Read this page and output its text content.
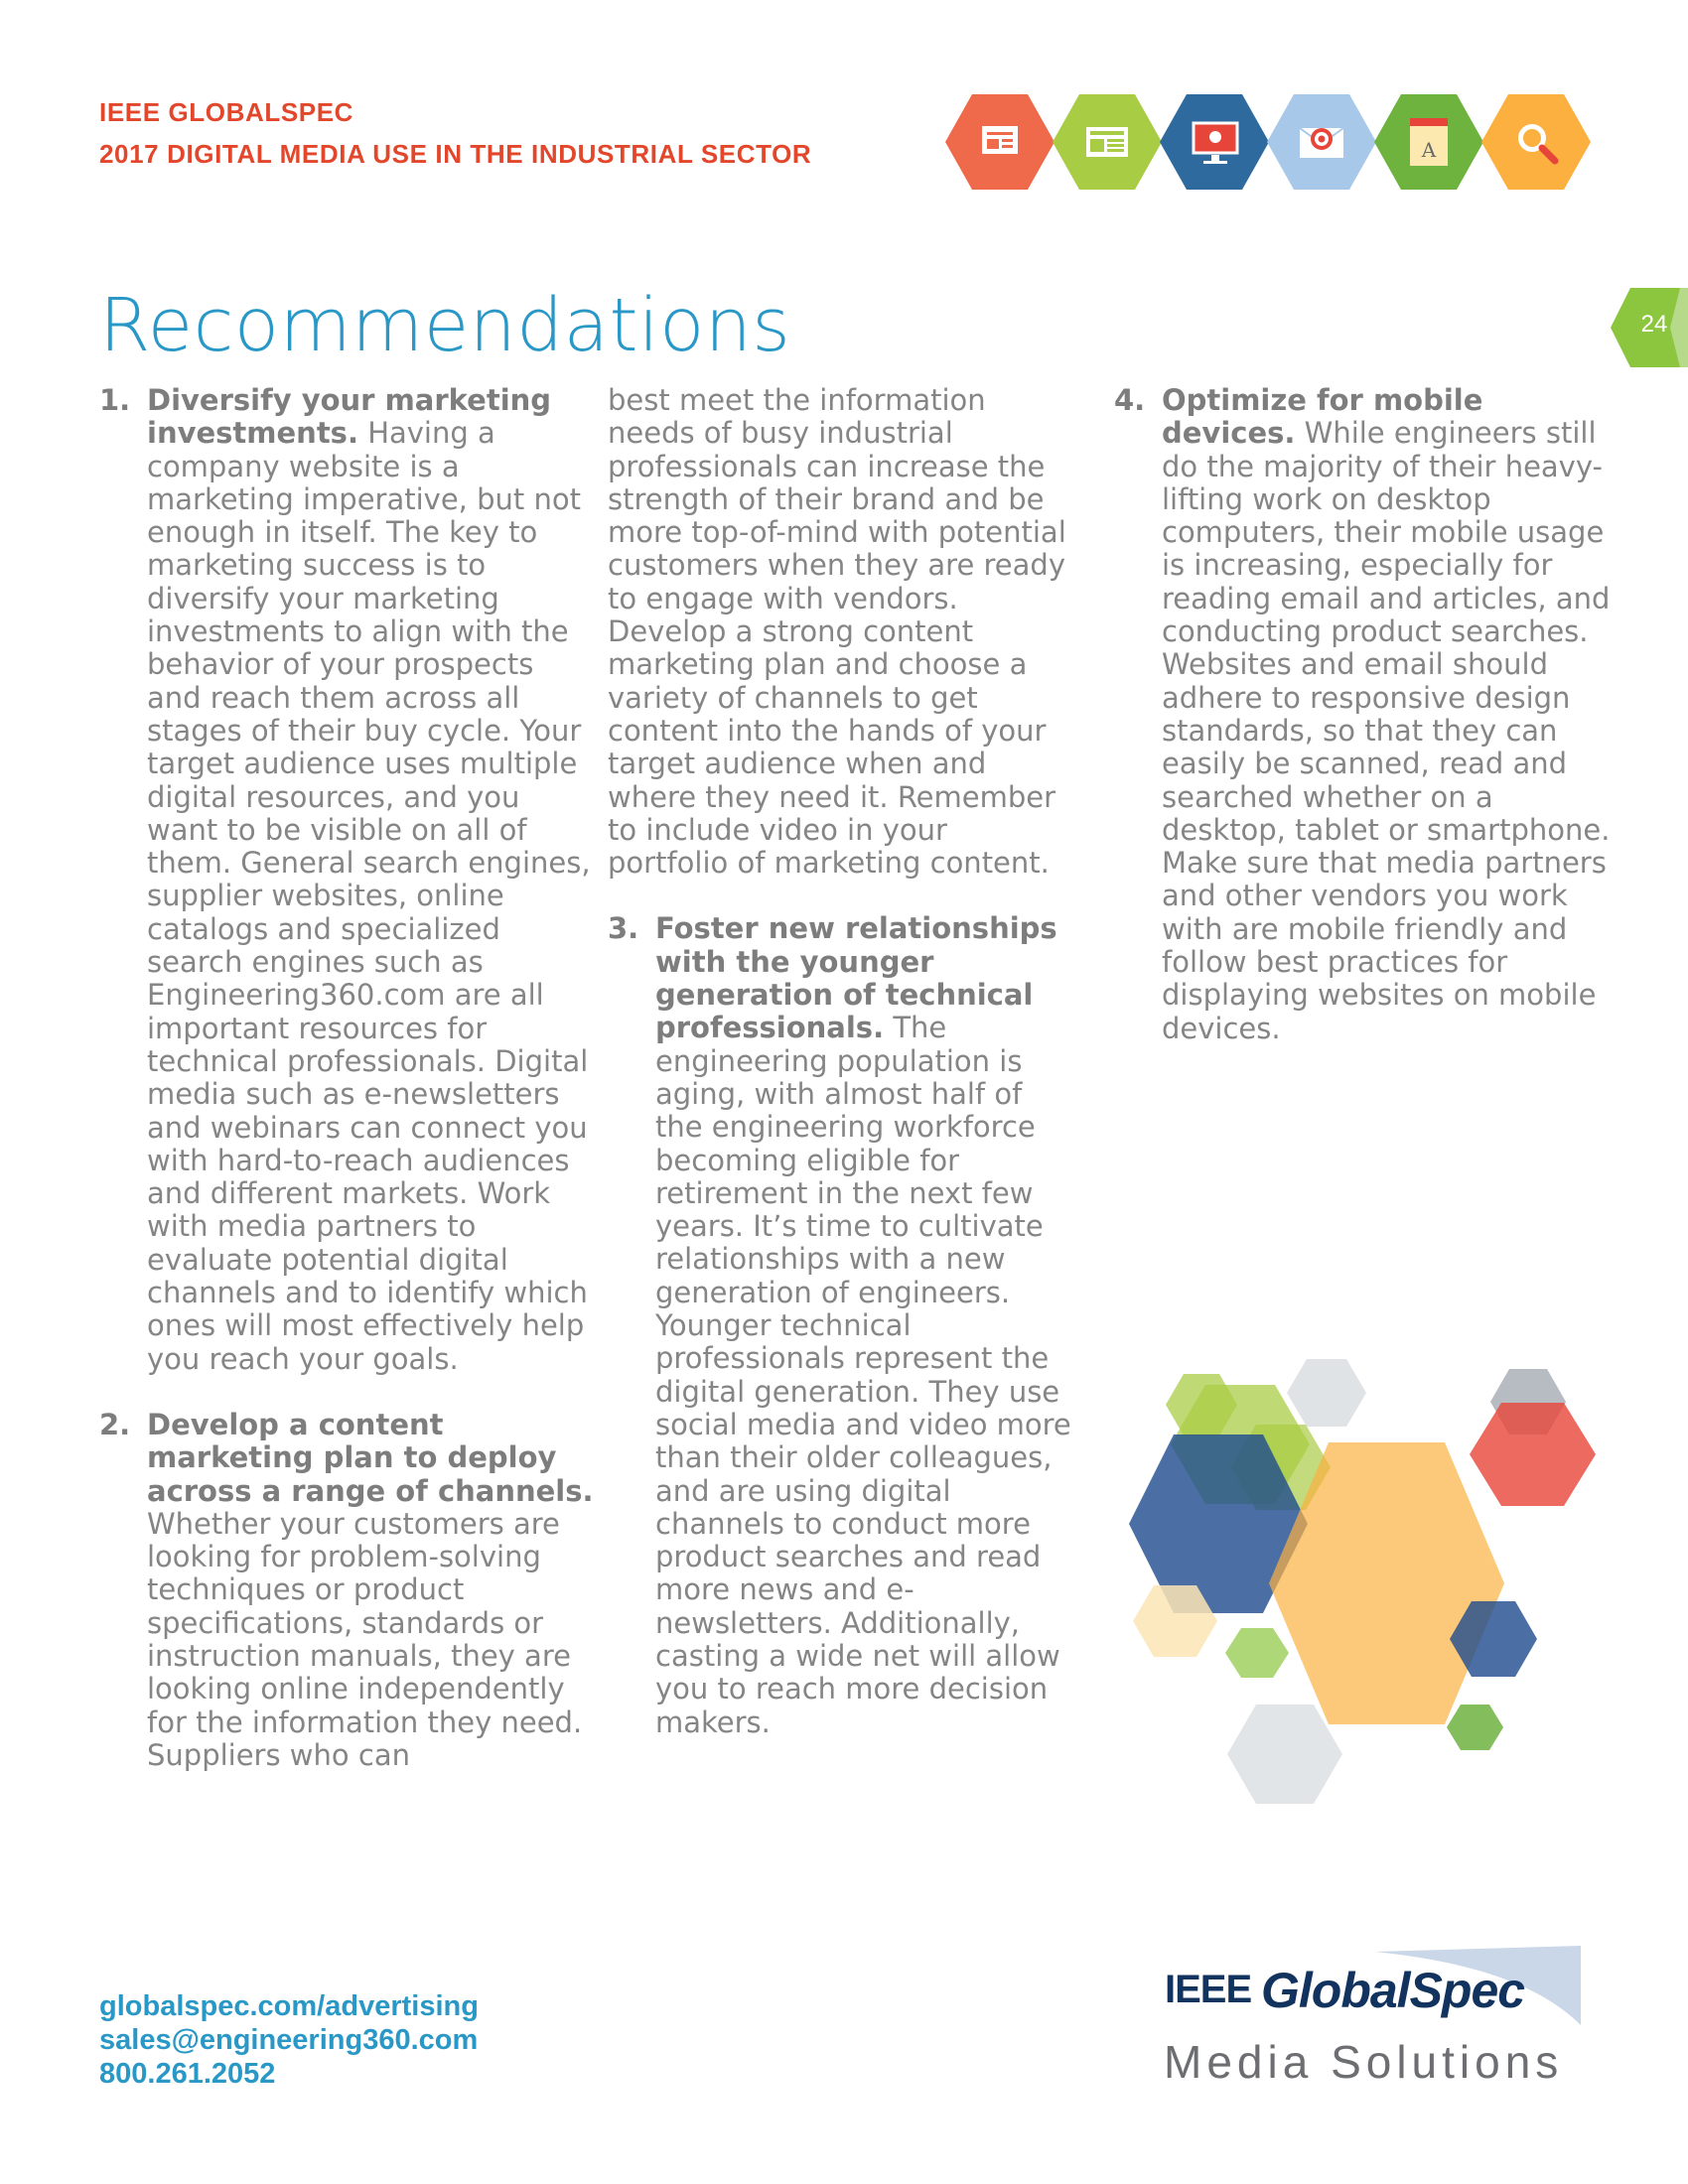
IEEE GLOBALSPEC
2017 DIGITAL MEDIA USE IN THE INDUSTRIAL SECTOR	A
24
Recommendations
1. Diversify your marketing investments. Having a company website is a marketing imperative, but not enough in itself. The key to marketing success is to diversify your marketing investments to align with the behavior of your prospects and reach them across all stages of their buy cycle. Your target audience uses multiple digital resources, and you want to be visible on all of them. General search engines, supplier websites, online catalogs and specialized search engines such as Engineering360.com are all important resources for technical professionals. Digital media such as e-newsletters and webinars can connect you with hard-to-reach audiences and different markets. Work with media partners to evaluate potential digital channels and to identify which ones will most effectively help you reach your goals.
2. Develop a content marketing plan to deploy across a range of channels. Whether your customers are looking for problem-solving techniques or product specifications, standards or instruction manuals, they are looking online independently for the information they need. Suppliers who can

best meet the information needs of busy industrial professionals can increase the strength of their brand and be more top-of-mind with potential customers when they are ready to engage with vendors. Develop a strong content marketing plan and choose a variety of channels to get content into the hands of your target audience when and where they need it. Remember to include video in your portfolio of marketing content.

3. Foster new relationships with the younger generation of technical professionals. The engineering population is aging, with almost half of the engineering workforce becoming eligible for retirement in the next few years. It’s time to cultivate relationships with a new generation of engineers. Younger technical professionals represent the digital generation. They use social media and video more than their older colleagues, and are using digital channels to conduct more product searches and read more news and e-newsletters. Additionally, casting a wide net will allow you to reach more decision makers.
4. Optimize for mobile devices. While engineers still do the majority of their heavy-lifting work on desktop computers, their mobile usage is increasing, especially for reading email and articles, and conducting product searches. Websites and email should adhere to responsive design standards, so that they can easily be scanned, read and searched whether on a desktop, tablet or smartphone. Make sure that media partners and other vendors you work with are mobile friendly and follow best practices for displaying websites on mobile devices.
globalspec.com/advertising
sales@engineering360.com
800.261.2052
IEEE GlobalSpec
Media Solutions
